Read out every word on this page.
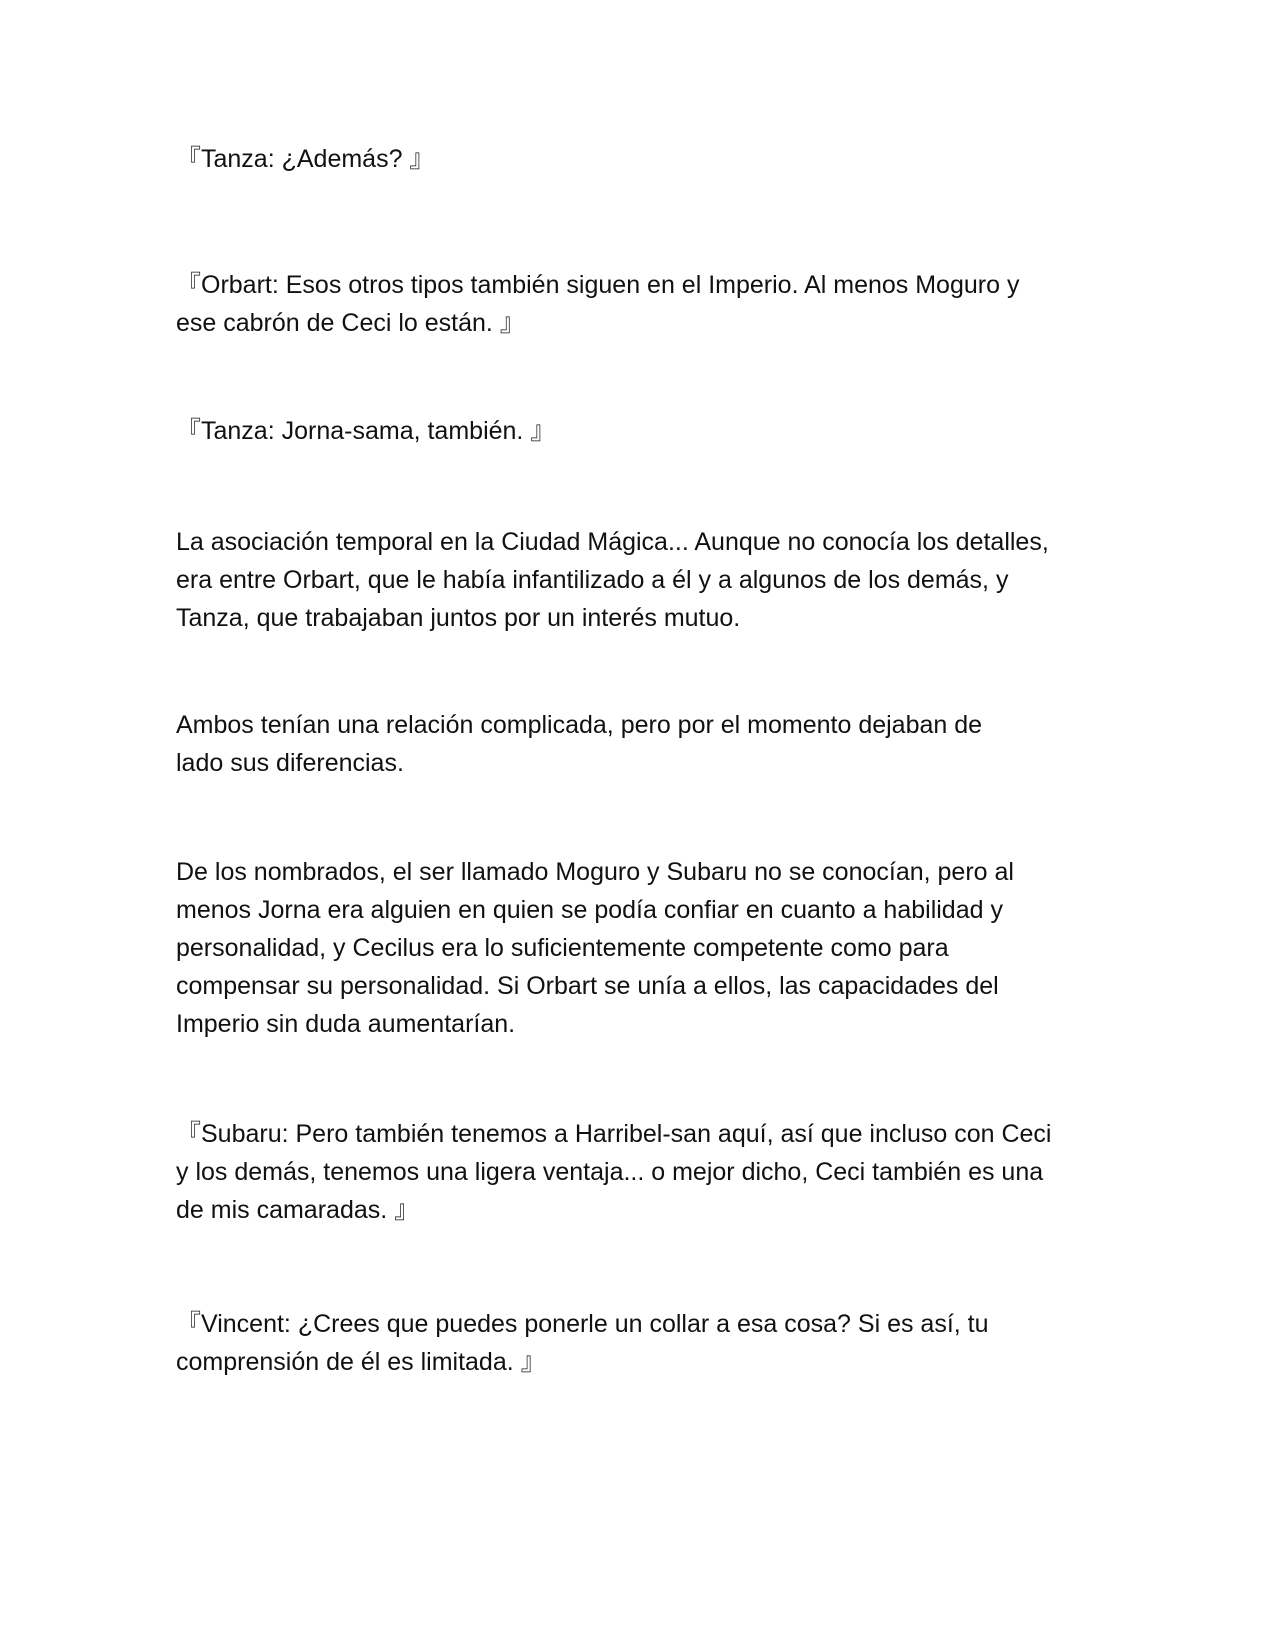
『Tanza: ¿Además? 』

『Orbart: Esos otros tipos también siguen en el Imperio. Al menos Moguro y
ese cabrón de Ceci lo están. 』

『Tanza: Jorna-sama, también. 』

La asociación temporal en la Ciudad Mágica... Aunque no conocía los detalles,
era entre Orbart, que le había infantilizado a él y a algunos de los demás, y
Tanza, que trabajaban juntos por un interés mutuo.

Ambos tenían una relación complicada, pero por el momento dejaban de
lado sus diferencias.

De los nombrados, el ser llamado Moguro y Subaru no se conocían, pero al
menos Jorna era alguien en quien se podía confiar en cuanto a habilidad y
personalidad, y Cecilus era lo suficientemente competente como para
compensar su personalidad. Si Orbart se unía a ellos, las capacidades del
Imperio sin duda aumentarían.

『Subaru: Pero también tenemos a Harribel-san aquí, así que incluso con Ceci
y los demás, tenemos una ligera ventaja... o mejor dicho, Ceci también es una
de mis camaradas. 』

『Vincent: ¿Crees que puedes ponerle un collar a esa cosa? Si es así, tu
comprensión de él es limitada. 』
